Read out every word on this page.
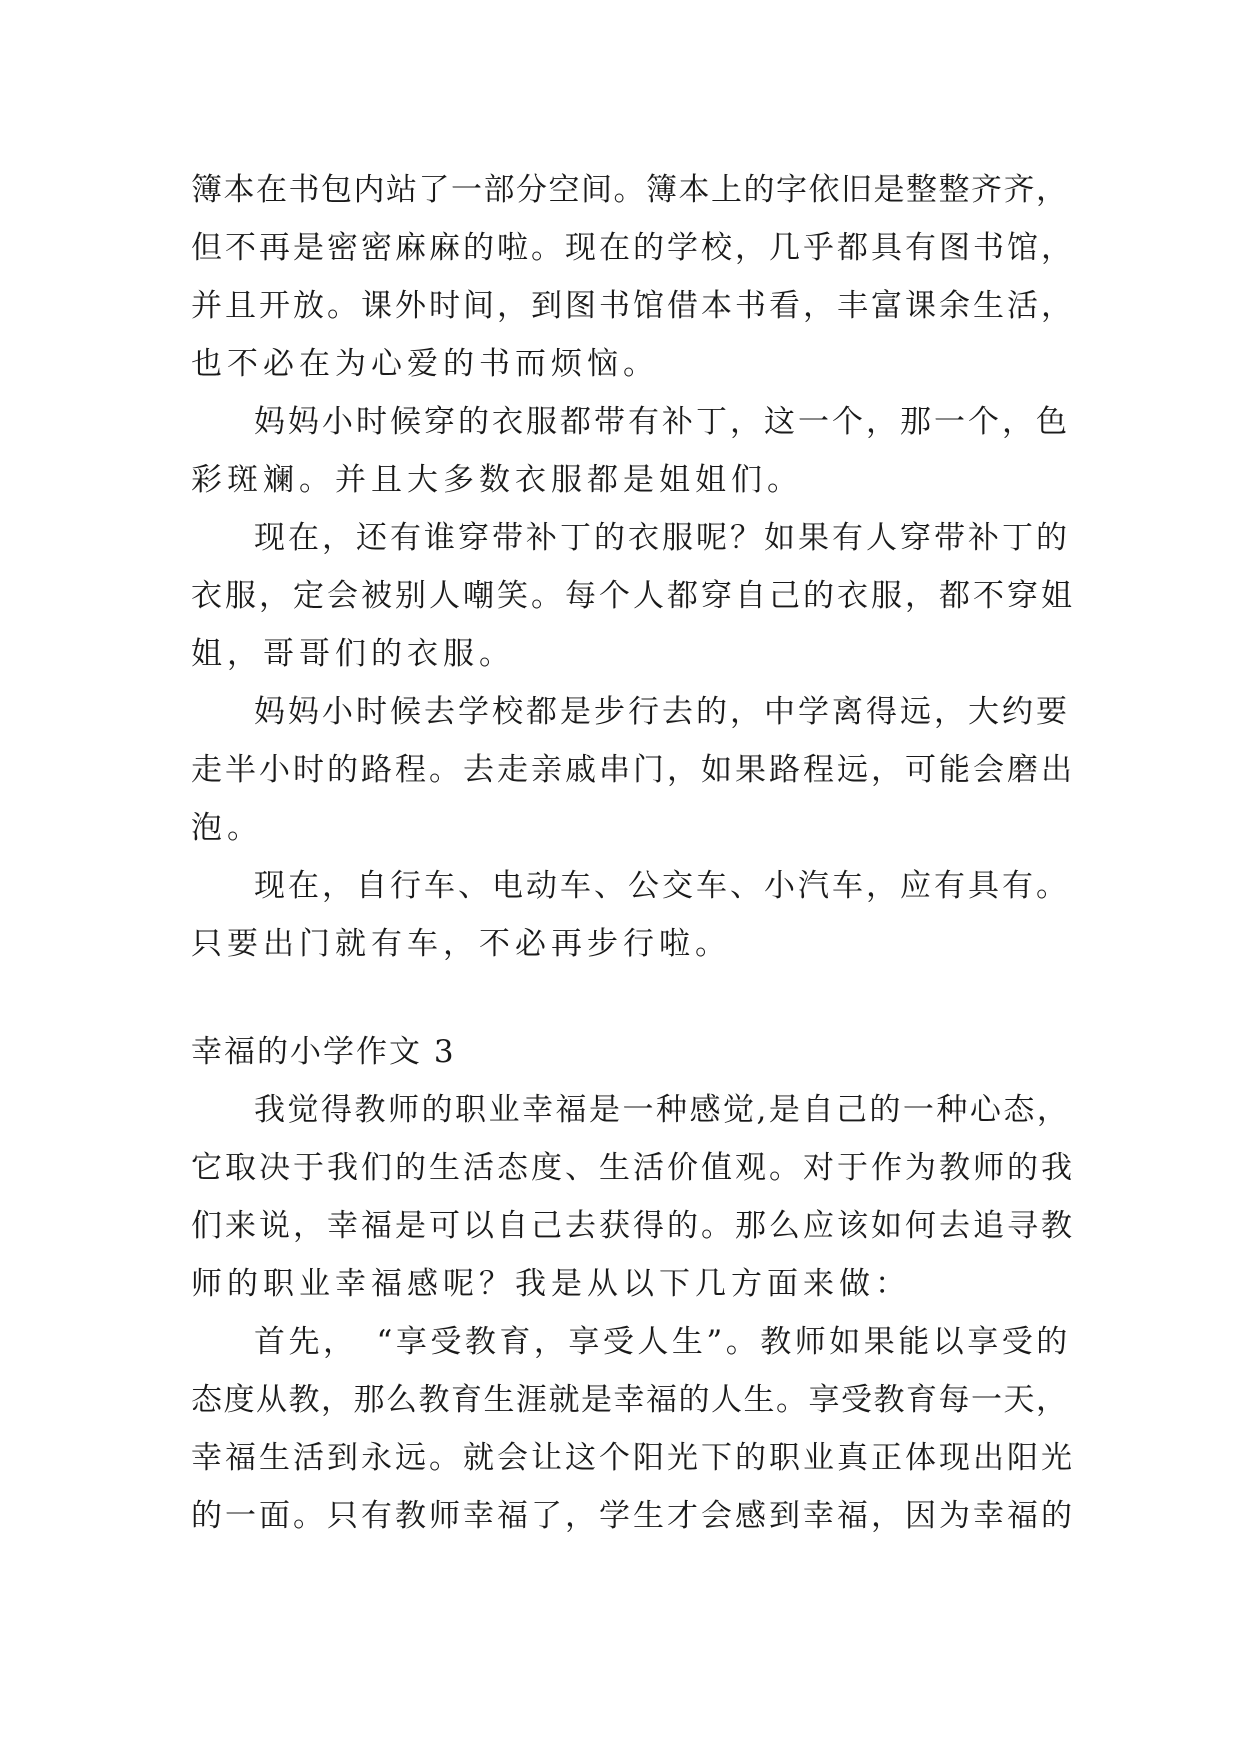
簿本在书包内站了一部分空间。簿本上的字依旧是整整齐齐，
但不再是密密麻麻的啦。现在的学校，几乎都具有图书馆，
并且开放。课外时间，到图书馆借本书看，丰富课余生活，
也不必在为心爱的书而烦恼。
妈妈小时候穿的衣服都带有补丁，这一个，那一个，色
彩斑斓。并且大多数衣服都是姐姐们。
现在，还有谁穿带补丁的衣服呢？如果有人穿带补丁的
衣服，定会被别人嘲笑。每个人都穿自己的衣服，都不穿姐
姐，哥哥们的衣服。
妈妈小时候去学校都是步行去的，中学离得远，大约要
走半小时的路程。去走亲戚串门，如果路程远，可能会磨出
泡。
现在，自行车、电动车、公交车、小汽车，应有具有。
只要出门就有车，不必再步行啦。
幸福的小学作文 3
我觉得教师的职业幸福是一种感觉,是自己的一种心态，
它取决于我们的生活态度、生活价值观。对于作为教师的我
们来说，幸福是可以自己去获得的。那么应该如何去追寻教
师的职业幸福感呢？我是从以下几方面来做：
首先，　“享受教育，享受人生”。教师如果能以享受的
态度从教，那么教育生涯就是幸福的人生。享受教育每一天，
幸福生活到永远。就会让这个阳光下的职业真正体现出阳光
的一面。只有教师幸福了，学生才会感到幸福，因为幸福的
